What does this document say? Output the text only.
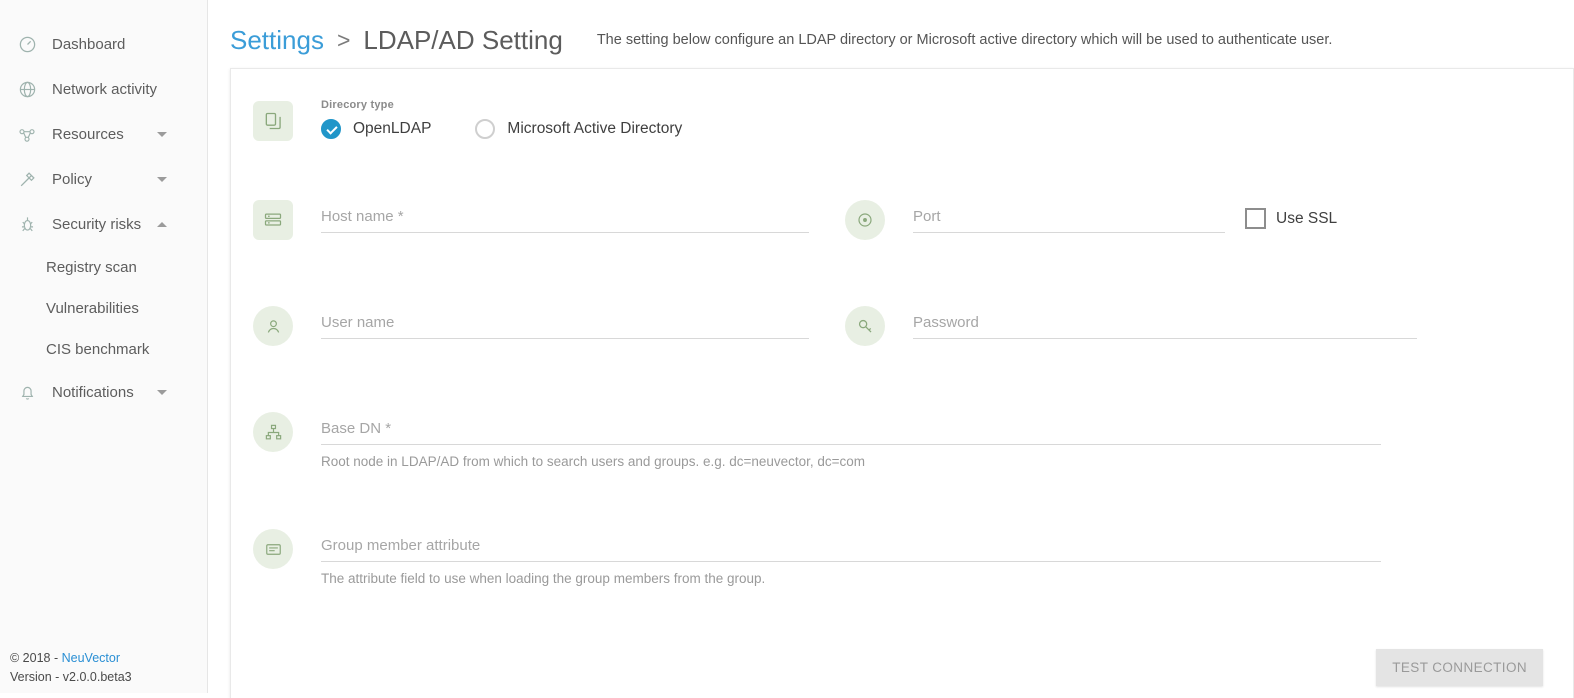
Dashboard
Network activity
Resources
Policy
Security risks
Registry scan
Vulnerabilities
CIS benchmark
Notifications
© 2018 - NeuVector
Version - v2.0.0.beta3
Settings > LDAP/AD Setting The setting below configure an LDAP directory or Microsoft active directory which will be used to authenticate user.
Direcory type
OpenLDAP	Microsoft Active Directory
Host name *
Port
Use SSL
User name
Base DN *
Root node in LDAP/AD from which to search users and groups. e.g. dc=neuvector, dc=com
Group member attribute
The attribute field to use when loading the group members from the group.
TEST CONNECTION
